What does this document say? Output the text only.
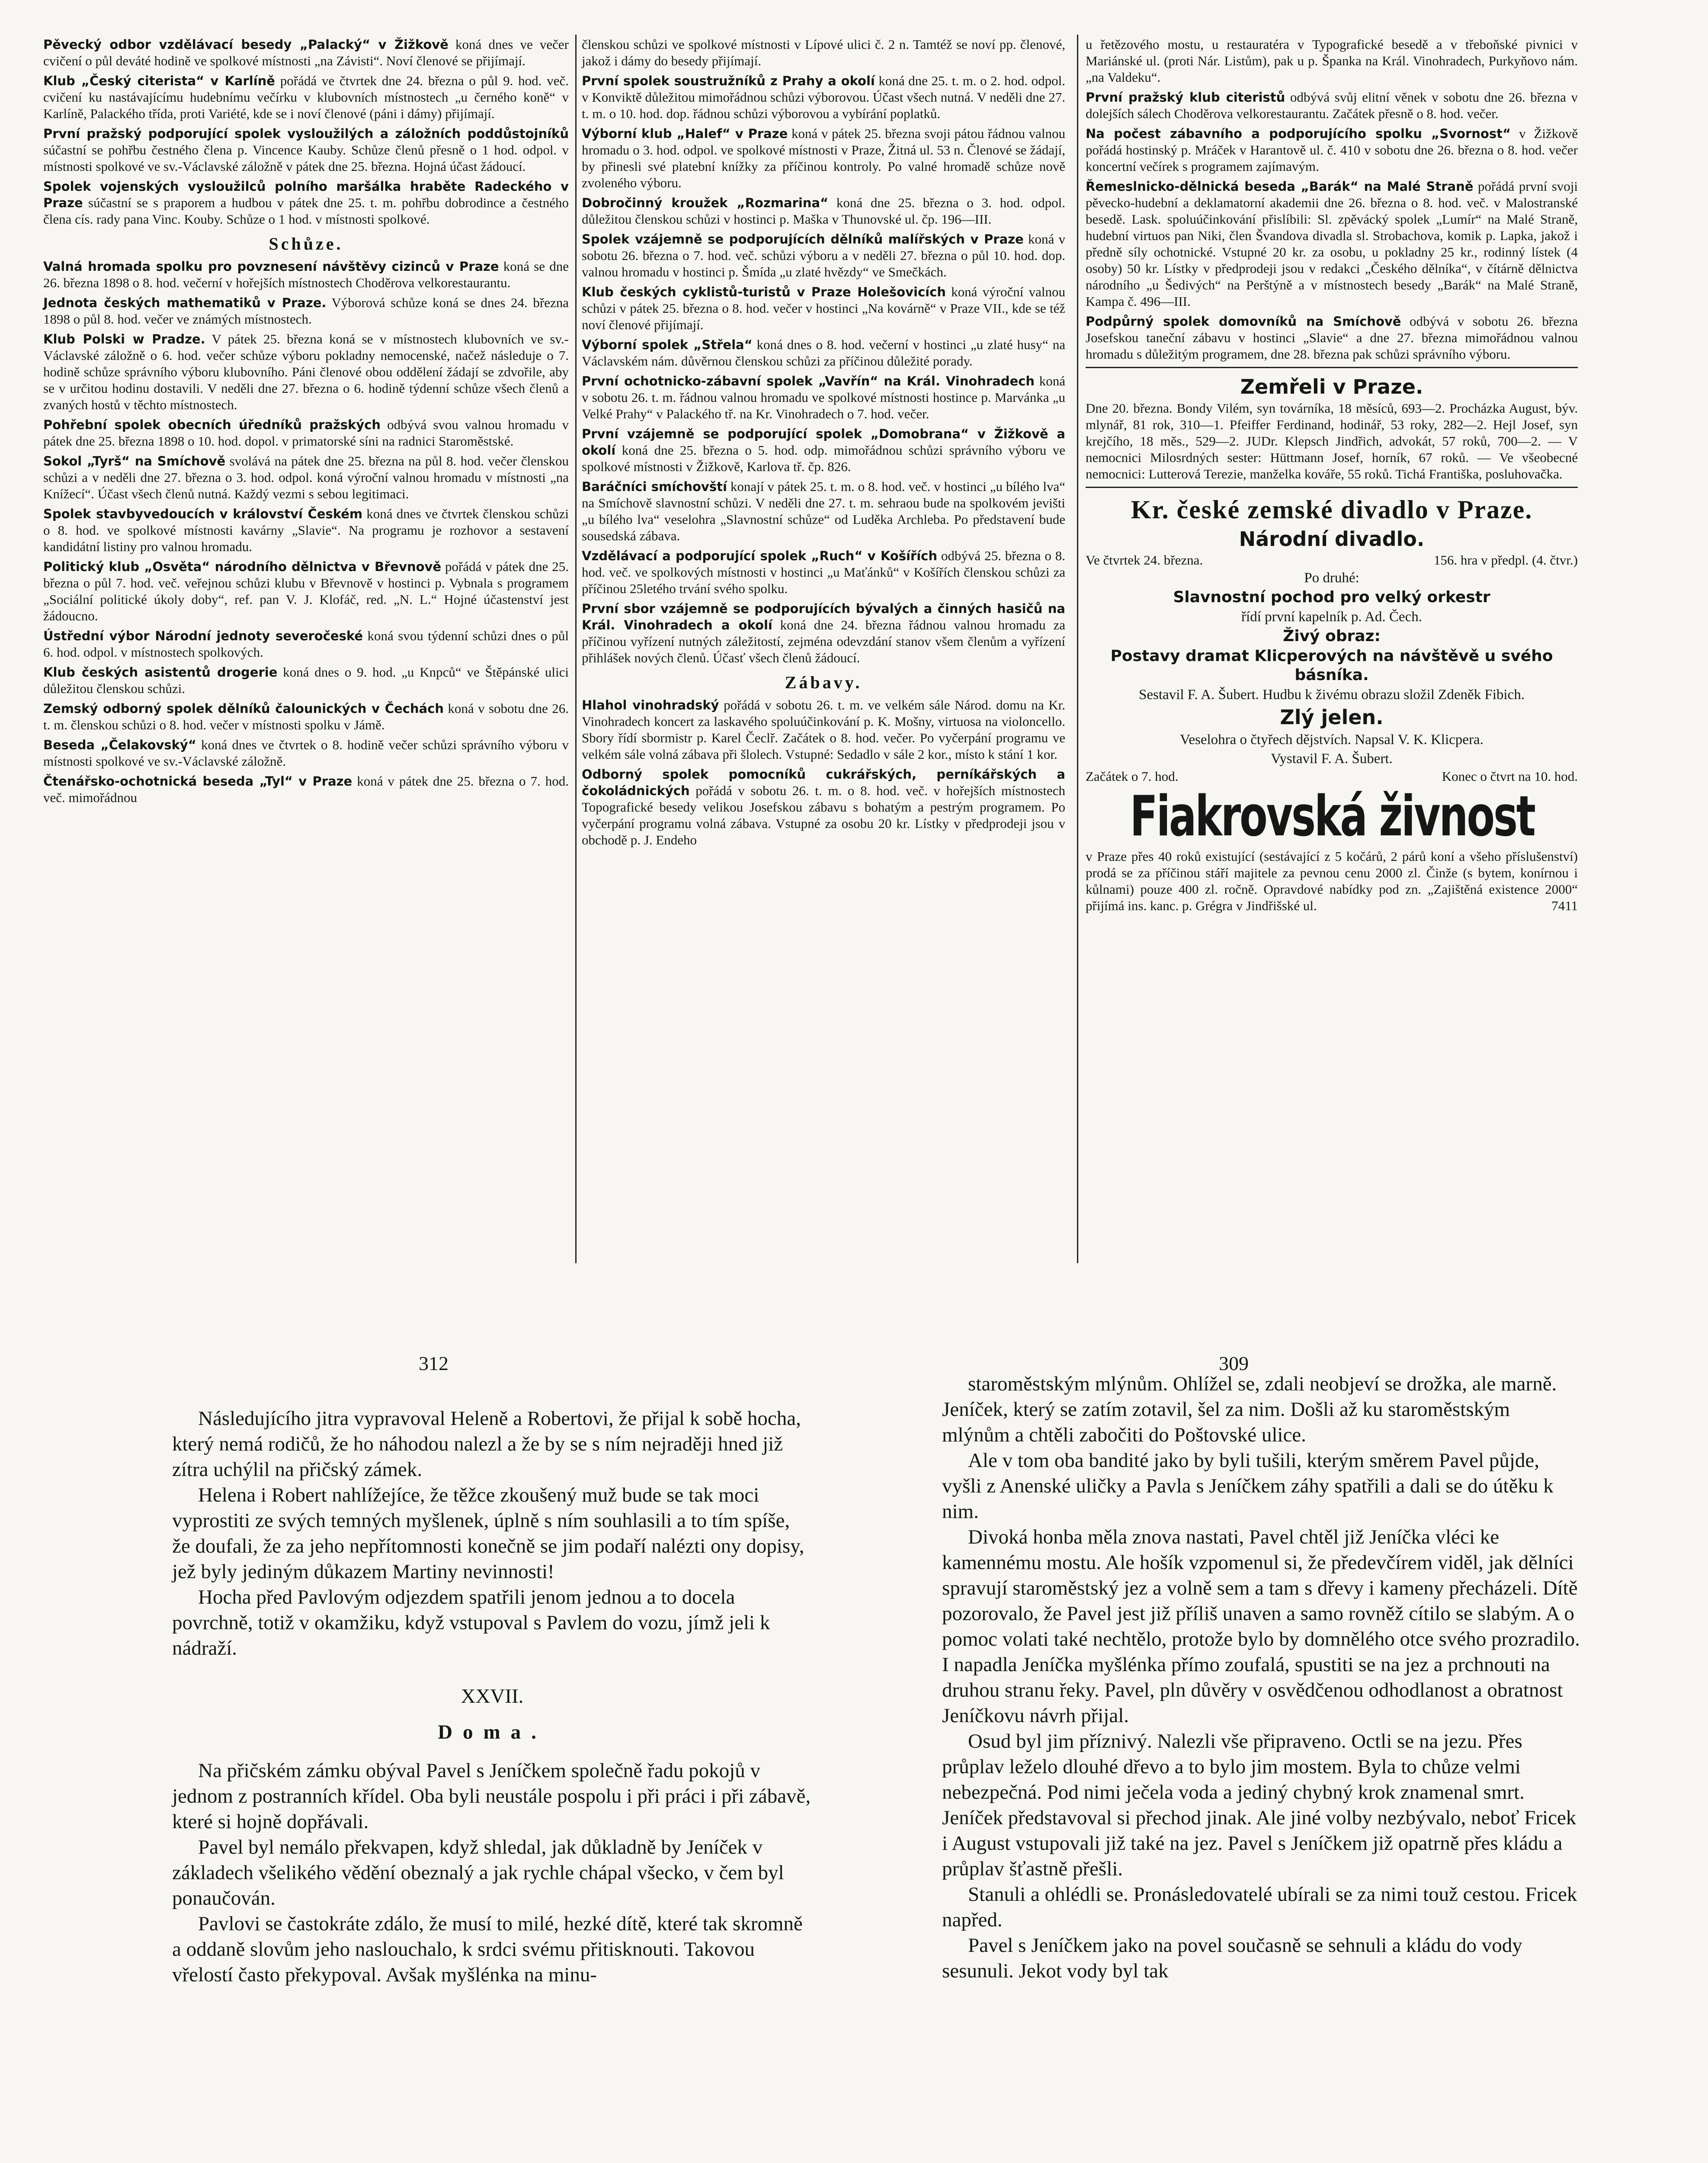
Pěvecký odbor vzdělávací besedy „Palacký“ v Žižkově koná dnes ve večer cvičení o půl deváté hodině ve spolkové místnosti „na Závisti“. Noví členové se přijímají.

Klub „Český citerista“ v Karlíně pořádá ve čtvrtek dne 24. března o půl 9. hod. več. cvičení ku nastávajícímu hudebnímu večírku v klubovních místnostech „u černého koně“ v Karlíně, Palackého třída, proti Variété, kde se i noví členové (páni i dámy) přijímají.

První pražský podporující spolek vysloužilých a záložních poddůstojníků súčastní se pohřbu čestného člena p. Vincence Kauby. Schůze členů přesně o 1 hod. odpol. v místnosti spolkové ve sv.-Václavské záložně v pátek dne 25. března. Hojná účast žádoucí.

Spolek vojenských vysloužilců polního maršálka hraběte Radeckého v Praze súčastní se s praporem a hudbou v pátek dne 25. t. m. pohřbu dobrodince a čestného člena cís. rady pana Vinc. Kouby. Schůze o 1 hod. v místnosti spolkové.

Schůze.

Valná hromada spolku pro povznesení návštěvy cizinců v Praze koná se dne 26. března 1898 o 8. hod. večerní v hořejších místnostech Choděrova velkorestaurantu.

Jednota českých mathematiků v Praze. Výborová schůze koná se dnes 24. března 1898 o půl 8. hod. večer ve známých místnostech.

Klub Polski w Pradze. V pátek 25. března koná se v místnostech klubovních ve sv.-Václavské záložně o 6. hod. večer schůze výboru pokladny nemocenské, načež následuje o 7. hodině schůze správního výboru klubovního. Páni členové obou oddělení žádají se zdvořile, aby se v určitou hodinu dostavili. V neděli dne 27. března o 6. hodině týdenní schůze všech členů a zvaných hostů v těchto místnostech.

Pohřební spolek obecních úředníků pražských odbývá svou valnou hromadu v pátek dne 25. března 1898 o 10. hod. dopol. v primatorské síni na radnici Staroměstské.

Sokol „Tyrš“ na Smíchově svolává na pátek dne 25. března na půl 8. hod. večer členskou schůzi a v neděli dne 27. března o 3. hod. odpol. koná výroční valnou hromadu v místnosti „na Knížecí“. Účast všech členů nutná. Každý vezmi s sebou legitimaci.

Spolek stavbyvedoucích v království Českém koná dnes ve čtvrtek členskou schůzi o 8. hod. ve spolkové místnosti kavárny „Slavie“. Na programu je rozhovor a sestavení kandidátní listiny pro valnou hromadu.

Politický klub „Osvěta“ národního dělnictva v Břevnově pořádá v pátek dne 25. března o půl 7. hod. več. veřejnou schůzi klubu v Břevnově v hostinci p. Vybnala s programem „Sociální politické úkoly doby“, ref. pan V. J. Klofáč, red. „N. L.“ Hojné účastenství jest žádoucno.

Ústřední výbor Národní jednoty severočeské koná svou týdenní schůzi dnes o půl 6. hod. odpol. v místnostech spolkových.

Klub českých asistentů drogerie koná dnes o 9. hod. „u Knpců“ ve Štěpánské ulici důležitou členskou schůzi.

Zemský odborný spolek dělníků čalounických v Čechách koná v sobotu dne 26. t. m. členskou schůzi o 8. hod. večer v místnosti spolku v Jámě.

Beseda „Čelakovský“ koná dnes ve čtvrtek o 8. hodině večer schůzi správního výboru v místnosti spolkové ve sv.-Václavské záložně.

Čtenářsko-ochotnická beseda „Tyl“ v Praze koná v pátek dne 25. března o 7. hod. več. mimořádnou

členskou schůzi ve spolkové místnosti v Lípové ulici č. 2 n. Tamtéž se noví pp. členové, jakož i dámy do besedy přijímají.

První spolek soustružníků z Prahy a okolí koná dne 25. t. m. o 2. hod. odpol. v Konviktě důležitou mimořádnou schůzi výborovou. Účast všech nutná. V neděli dne 27. t. m. o 10. hod. dop. řádnou schůzi výborovou a vybírání poplatků.

Výborní klub „Halef“ v Praze koná v pátek 25. března svoji pátou řádnou valnou hromadu o 3. hod. odpol. ve spolkové místnosti v Praze, Žitná ul. 53 n. Členové se žádají, by přinesli své platební knížky za příčinou kontroly. Po valné hromadě schůze nově zvoleného výboru.

Dobročinný kroužek „Rozmarina“ koná dne 25. března o 3. hod. odpol. důležitou členskou schůzi v hostinci p. Maška v Thunovské ul. čp. 196—III.

Spolek vzájemně se podporujících dělníků malířských v Praze koná v sobotu 26. března o 7. hod. več. schůzi výboru a v neděli 27. března o půl 10. hod. dop. valnou hromadu v hostinci p. Šmída „u zlaté hvězdy“ ve Smečkách.

Klub českých cyklistů-turistů v Praze Holešovicích koná výroční valnou schůzi v pátek 25. března o 8. hod. večer v hostinci „Na kovárně“ v Praze VII., kde se též noví členové přijímají.

Výborní spolek „Střela“ koná dnes o 8. hod. večerní v hostinci „u zlaté husy“ na Václavském nám. důvěrnou členskou schůzi za příčinou důležité porady.

První ochotnicko-zábavní spolek „Vavřín“ na Král. Vinohradech koná v sobotu 26. t. m. řádnou valnou hromadu ve spolkové místnosti hostince p. Marvánka „u Velké Prahy“ v Palackého tř. na Kr. Vinohradech o 7. hod. večer.

První vzájemně se podporující spolek „Domobrana“ v Žižkově a okolí koná dne 25. března o 5. hod. odp. mimořádnou schůzi správního výboru ve spolkové místnosti v Žižkově, Karlova tř. čp. 826.

Baráčníci smíchovští konají v pátek 25. t. m. o 8. hod. več. v hostinci „u bílého lva“ na Smíchově slavnostní schůzi. V neděli dne 27. t. m. sehraou bude na spolkovém jevišti „u bílého lva“ veselohra „Slavnostní schůze“ od Luděka Archleba. Po představení bude sousedská zábava.

Vzdělávací a podporující spolek „Ruch“ v Košířích odbývá 25. března o 8. hod. več. ve spolkových místnosti v hostinci „u Maťánků“ v Košířích členskou schůzi za příčinou 25letého trvání svého spolku.

První sbor vzájemně se podporujících bývalých a činných hasičů na Král. Vinohradech a okolí koná dne 24. března řádnou valnou hromadu za příčinou vyřízení nutných záležitostí, zejména odevzdání stanov všem členům a vyřízení přihlášek nových členů. Účasť všech členů žádoucí.

Zábavy.

Hlahol vinohradský pořádá v sobotu 26. t. m. ve velkém sále Národ. domu na Kr. Vinohradech koncert za laskavého spoluúčinkování p. K. Mošny, virtuosa na violoncello. Sbory řídí sbormistr p. Karel Čeclř. Začátek o 8. hod. večer. Po vyčerpání programu ve velkém sále volná zábava při šlolech. Vstupné: Sedadlo v sále 2 kor., místo k stání 1 kor.

Odborný spolek pomocníků cukrářských, perníkářských a čokoládnických pořádá v sobotu 26. t. m. o 8. hod. več. v hořejších místnostech Topografické besedy velikou Josefskou zábavu s bohatým a pestrým programem. Po vyčerpání programu volná zábava. Vstupné za osobu 20 kr. Lístky v předprodeji jsou v obchodě p. J. Endeho

u řetězového mostu, u restauratéra v Typografické besedě a v třeboňské pivnici v Mariánské ul. (proti Nár. Listům), pak u p. Španka na Král. Vinohradech, Purkyňovo nám. „na Valdeku“.

První pražský klub citeristů odbývá svůj elitní věnek v sobotu dne 26. března v dolejších sálech Choděrova velkorestaurantu. Začátek přesně o 8. hod. večer.

Na počest zábavního a podporujícího spolku „Svornost“ v Žižkově pořádá hostinský p. Mráček v Harantově ul. č. 410 v sobotu dne 26. března o 8. hod. večer koncertní večírek s programem zajímavým.

Řemeslnicko-dělnická beseda „Barák“ na Malé Straně pořádá první svoji pěvecko-hudební a deklamatorní akademii dne 26. března o 8. hod. več. v Malostranské besedě. Lask. spoluúčinkování přislíbili: Sl. zpěvácký spolek „Lumír“ na Malé Straně, hudební virtuos pan Niki, člen Švandova divadla sl. Strobachova, komik p. Lapka, jakož i předně síly ochotnické. Vstupné 20 kr. za osobu, u pokladny 25 kr., rodinný lístek (4 osoby) 50 kr. Lístky v předprodeji jsou v redakci „Českého dělníka“, v čítárně dělnictva národního „u Šedivých“ na Perštýně a v místnostech besedy „Barák“ na Malé Straně, Kampa č. 496—III.

Podpůrný spolek domovníků na Smíchově odbývá v sobotu 26. března Josefskou taneční zábavu v hostinci „Slavie“ a dne 27. března mimořádnou valnou hromadu s důležitým programem, dne 28. března pak schůzi správního výboru.

Zemřeli v Praze.

Dne 20. března. Bondy Vilém, syn továrníka, 18 měsíců, 693—2. Procházka August, býv. mlynář, 81 rok, 310—1. Pfeiffer Ferdinand, hodinář, 53 roky, 282—2. Hejl Josef, syn krejčího, 18 měs., 529—2. JUDr. Klepsch Jindřich, advokát, 57 roků, 700—2. — V nemocnici Milosrdných sester: Hüttmann Josef, horník, 67 roků. — Ve všeobecné nemocnici: Lutterová Terezie, manželka kováře, 55 roků. Tichá Františka, posluhovačka.

Kr. české zemské divadlo v Praze.
Národní divadlo.
Ve čtvrtek 24. března.	156. hra v předpl. (4. čtvr.)
Po druhé:
Slavnostní pochod pro velký orkestr
řídí první kapelník p. Ad. Čech.
Živý obraz:
Postavy dramat Klicperových na návštěvě u svého básníka.
Sestavil F. A. Šubert. Hudbu k živému obrazu složil Zdeněk Fibich.
Zlý jelen.
Veselohra o čtyřech dějstvích. Napsal V. K. Klicpera.
Vystavil F. A. Šubert.
Začátek o 7. hod.	Konec o čtvrt na 10. hod.
Fiakrovská živnost

v Praze přes 40 roků existující (sestávající z 5 kočárů, 2 párů koní a všeho příslušenství) prodá se za příčinou stáří majitele za pevnou cenu 2000 zl. Činže (s bytem, konírnou i kůlnami) pouze 400 zl. ročně. Opravdové nabídky pod zn. „Zajištěná existence 2000“ přijímá ins. kanc. p. Grégra v Jindřišské ul.	7411

312	309

Následujícího jitra vypravoval Heleně a Robertovi, že přijal k sobě hocha, který nemá rodičů, že ho náhodou nalezl a že by se s ním nejraději hned již zítra uchýlil na přičský zámek.

Helena i Robert nahlížejíce, že těžce zkoušený muž bude se tak moci vyprostiti ze svých temných myšlenek, úplně s ním souhlasili a to tím spíše, že doufali, že za jeho nepřítomnosti konečně se jim podaří nalézti ony dopisy, jež byly jediným důkazem Martiny nevinnosti!

Hocha před Pavlovým odjezdem spatřili jenom jednou a to docela povrchně, totiž v okamžiku, když vstupoval s Pavlem do vozu, jímž jeli k nádraží.

XXVII.

Doma.

Na přičském zámku obýval Pavel s Jeníčkem společně řadu pokojů v jednom z postranních křídel. Oba byli neustále pospolu i při práci i při zábavě, které si hojně dopřávali.

Pavel byl nemálo překvapen, když shledal, jak důkladně by Jeníček v základech všelikého vědění obeznalý a jak rychle chápal všecko, v čem byl ponaučován.

Pavlovi se častokráte zdálo, že musí to milé, hezké dítě, které tak skromně a oddaně slovům jeho naslouchalo, k srdci svému přitisknouti. Takovou vřelostí často překypoval. Avšak myšlénka na minu-

staroměstským mlýnům. Ohlížel se, zdali neobjeví se drožka, ale marně. Jeníček, který se zatím zotavil, šel za nim. Došli až ku staroměstským mlýnům a chtěli zabočiti do Poštovské ulice.

Ale v tom oba bandité jako by byli tušili, kterým směrem Pavel půjde, vyšli z Anenské uličky a Pavla s Jeníčkem záhy spatřili a dali se do útěku k nim.

Divoká honba měla znova nastati, Pavel chtěl již Jeníčka vléci ke kamennému mostu. Ale hošík vzpomenul si, že předevčírem viděl, jak dělníci spravují staroměstský jez a volně sem a tam s dřevy i kameny přecházeli. Dítě pozorovalo, že Pavel jest již příliš unaven a samo rovněž cítilo se slabým. A o pomoc volati také nechtělo, protože bylo by domnělého otce svého prozradilo. I napadla Jeníčka myšlénka přímo zoufalá, spustiti se na jez a prchnouti na druhou stranu řeky. Pavel, pln důvěry v osvědčenou odhodlanost a obratnost Jeníčkovu návrh přijal.

Osud byl jim příznivý. Nalezli vše připraveno. Octli se na jezu. Přes průplav leželo dlouhé dřevo a to bylo jim mostem. Byla to chůze velmi nebezpečná. Pod nimi ječela voda a jediný chybný krok znamenal smrt. Jeníček představoval si přechod jinak. Ale jiné volby nezbývalo, neboť Fricek i August vstupovali již také na jez. Pavel s Jeníčkem již opatrně přes kládu a průplav šťastně přešli.

Stanuli a ohlédli se. Pronásledovatelé ubírali se za nimi touž cestou. Fricek napřed.

Pavel s Jeníčkem jako na povel současně se sehnuli a kládu do vody sesunuli. Jekot vody byl tak
